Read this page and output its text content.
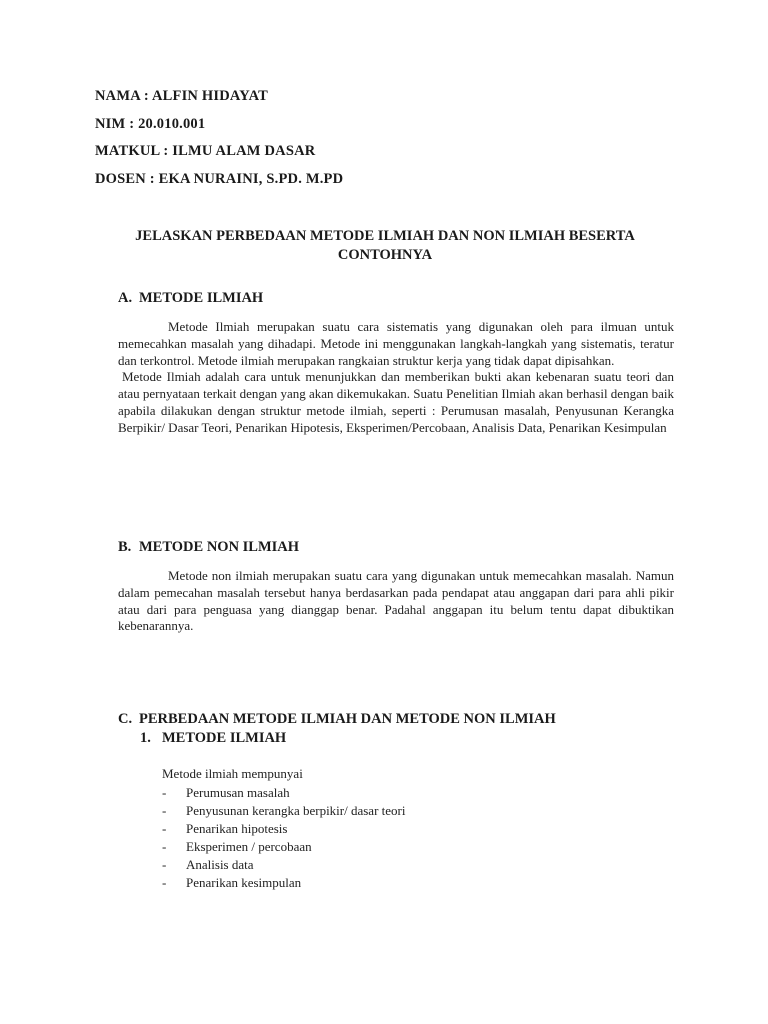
NAMA : ALFIN HIDAYAT
NIM : 20.010.001
MATKUL : ILMU ALAM DASAR
DOSEN : EKA NURAINI, S.PD. M.PD
JELASKAN PERBEDAAN METODE ILMIAH DAN NON ILMIAH BESERTA CONTOHNYA
A. METODE ILMIAH

Metode Ilmiah merupakan suatu cara sistematis yang digunakan oleh para ilmuan untuk memecahkan masalah yang dihadapi. Metode ini menggunakan langkah-langkah yang sistematis, teratur dan terkontrol. Metode ilmiah merupakan rangkaian struktur kerja yang tidak dapat dipisahkan.

Metode Ilmiah adalah cara untuk menunjukkan dan memberikan bukti akan kebenaran suatu teori dan atau pernyataan terkait dengan yang akan dikemukakan. Suatu Penelitian Ilmiah akan berhasil dengan baik apabila dilakukan dengan struktur metode ilmiah, seperti : Perumusan masalah, Penyusunan Kerangka Berpikir/ Dasar Teori, Penarikan Hipotesis, Eksperimen/Percobaan, Analisis Data, Penarikan Kesimpulan

B. METODE NON ILMIAH

Metode non ilmiah merupakan suatu cara yang digunakan untuk memecahkan masalah. Namun dalam pemecahan masalah tersebut hanya berdasarkan pada pendapat atau anggapan dari para ahli pikir atau dari para penguasa yang dianggap benar. Padahal anggapan itu belum tentu dapat dibuktikan kebenarannya.

C. PERBEDAAN METODE ILMIAH DAN METODE NON ILMIAH
1. METODE ILMIAH
Metode ilmiah mempunyai
- Perumusan masalah
- Penyusunan kerangka berpikir/ dasar teori
- Penarikan hipotesis
- Eksperimen / percobaan
- Analisis data
- Penarikan kesimpulan
